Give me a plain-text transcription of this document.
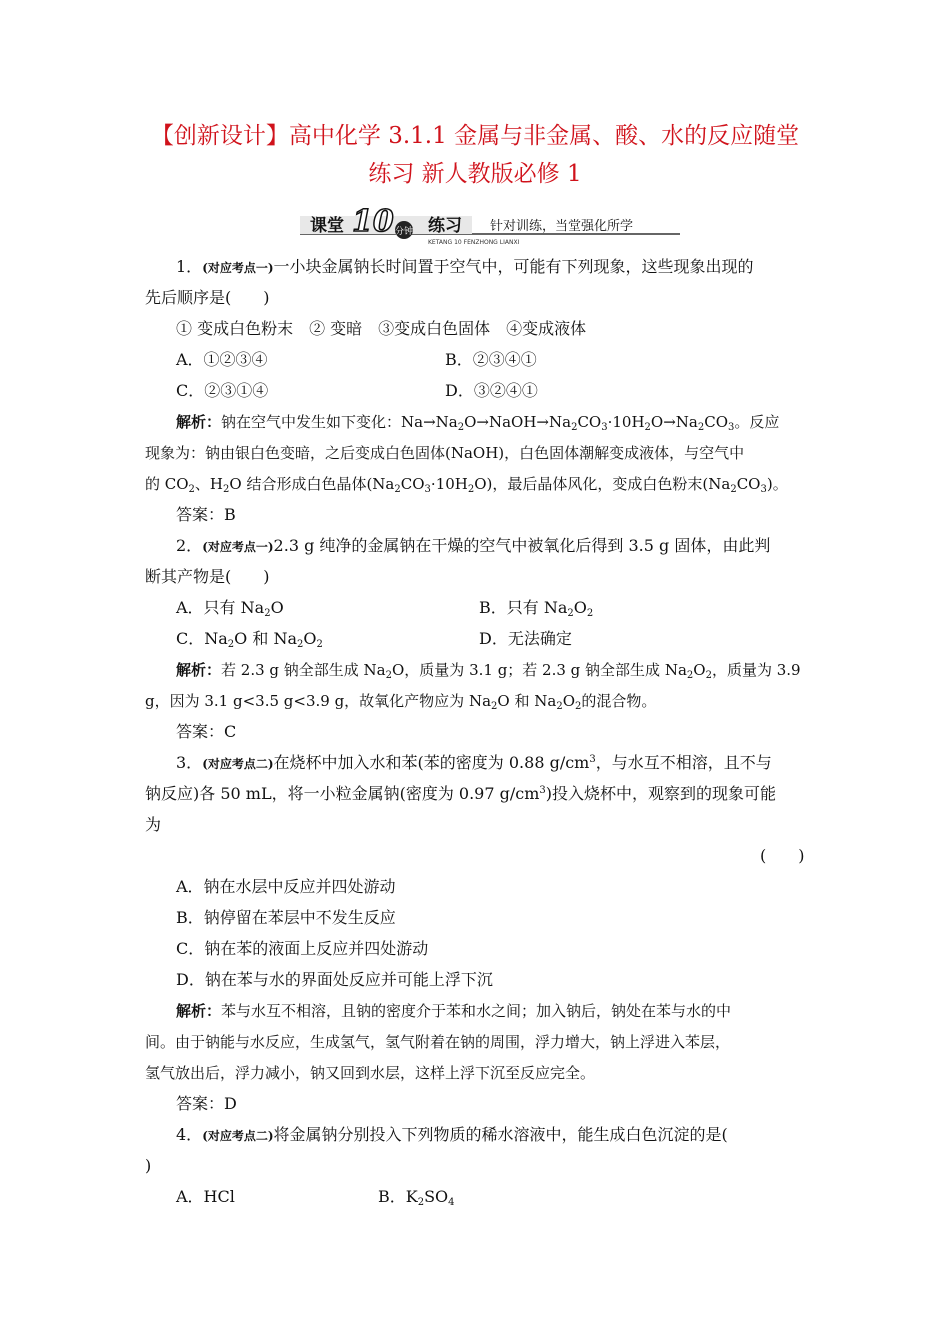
【创新设计】高中化学 3.1.1 金属与非金属、酸、水的反应随堂
练习 新人教版必修 1
课堂 10 分钟 练习
KETANG 10 FENZHONG LIANXI
针对训练，当堂强化所学
1．(对应考点一)一小块金属钠长时间置于空气中，可能有下列现象，这些现象出现的
先后顺序是(　　)
① 变成白色粉末　② 变暗　③变成白色固体　④变成液体
A．①②③④	B．②③④①
C．②③①④	D．③②④①
解析：钠在空气中发生如下变化：$Na\to Na_2O\to NaOH\to Na_2CO_3\cdot 10H_2O\to Na_2CO_3$。反应
现象为：钠由银白色变暗，之后变成白色固体(NaOH)，白色固体潮解变成液体，与空气中
的 $CO_2$、$H_2O$ 结合形成白色晶体$(Na_2CO_3\cdot 10H_2O)$，最后晶体风化，变成白色粉末$(Na_2CO_3)$。
答案：B
2．(对应考点一)2.3 g 纯净的金属钠在干燥的空气中被氧化后得到 3.5 g 固体，由此判
断其产物是(　　)
A．只有 $Na_2O$	B．只有 $Na_2O_2$
C．$Na_2O$ 和 $Na_2O_2$	D．无法确定
解析：若 2.3 g 钠全部生成 $Na_2O$，质量为 3.1 g；若 2.3 g 钠全部生成 $Na_2O_2$，质量为 3.9
g，因为 3.1 g<3.5 g<3.9 g，故氧化产物应为 $Na_2O$ 和 $Na_2O_2$的混合物。
答案：C
3．(对应考点二)在烧杯中加入水和苯(苯的密度为 0.88 $g/cm^3$，与水互不相溶，且不与
钠反应)各 50 mL，将一小粒金属钠(密度为 0.97 $g/cm^3$)投入烧杯中，观察到的现象可能
为
(　　)
A．钠在水层中反应并四处游动
B．钠停留在苯层中不发生反应
C．钠在苯的液面上反应并四处游动
D．钠在苯与水的界面处反应并可能上浮下沉
解析：苯与水互不相溶，且钠的密度介于苯和水之间；加入钠后，钠处在苯与水的中
间。由于钠能与水反应，生成氢气，氢气附着在钠的周围，浮力增大，钠上浮进入苯层，
氢气放出后，浮力减小，钠又回到水层，这样上浮下沉至反应完全。
答案：D
4．(对应考点二)将金属钠分别投入下列物质的稀水溶液中，能生成白色沉淀的是(
)
A．HCl	B．$K_2SO_4$
